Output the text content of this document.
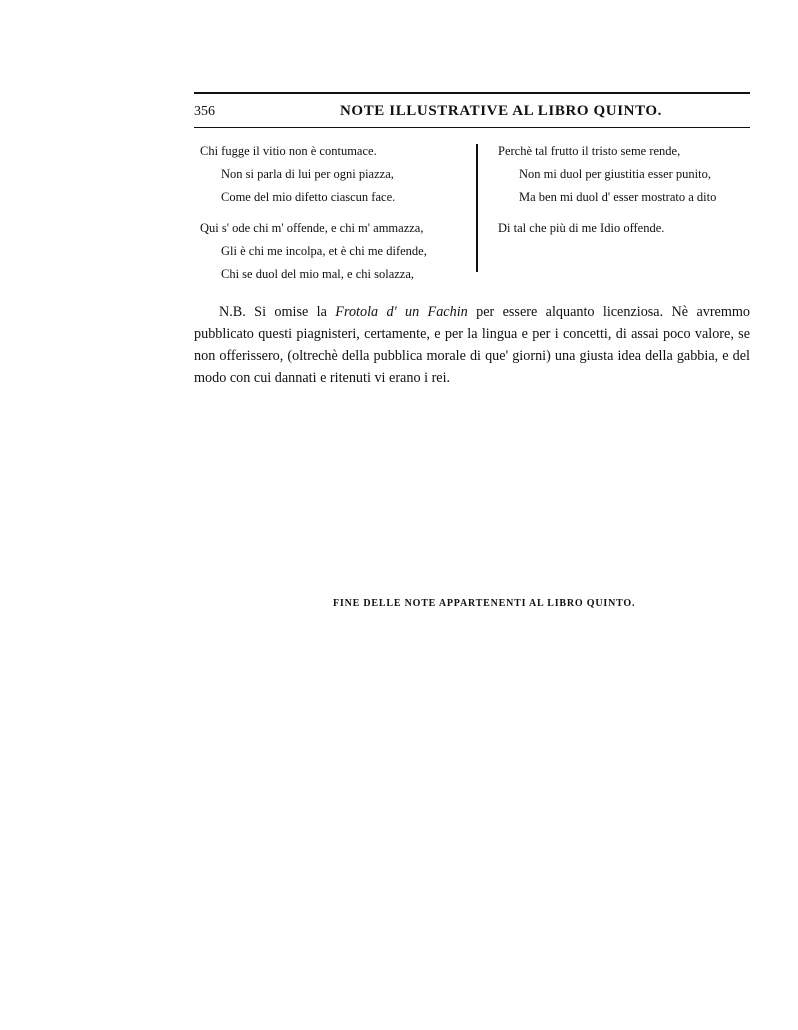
356	NOTE ILLUSTRATIVE AL LIBRO QUINTO.
Chi fugge il vitio non è contumace.
Non si parla di lui per ogni piazza,
Come del mio difetto ciascun face.
Qui s' ode chi m' offende, e chi m' ammazza,
Gli è chi me incolpa, et è chi me difende,
Chi se duol del mio mal, e chi solazza,
Perchè tal frutto il tristo seme rende,
Non mi duol per giustitia esser punito,
Ma ben mi duol d' esser mostrato a dito
Di tal che più di me Idio offende.
N.B. Si omise la Frotola d' un Fachin per essere alquanto licenziosa. Nè avremmo pubblicato questi piagnisteri, certamente, e per la lingua e per i concetti, di assai poco valore, se non offerissero, (oltrechè della pubblica morale di que' giorni) una giusta idea della gabbia, e del modo con cui dannati e ritenuti vi erano i rei.
FINE DELLE NOTE APPARTENENTI AL LIBRO QUINTO.
